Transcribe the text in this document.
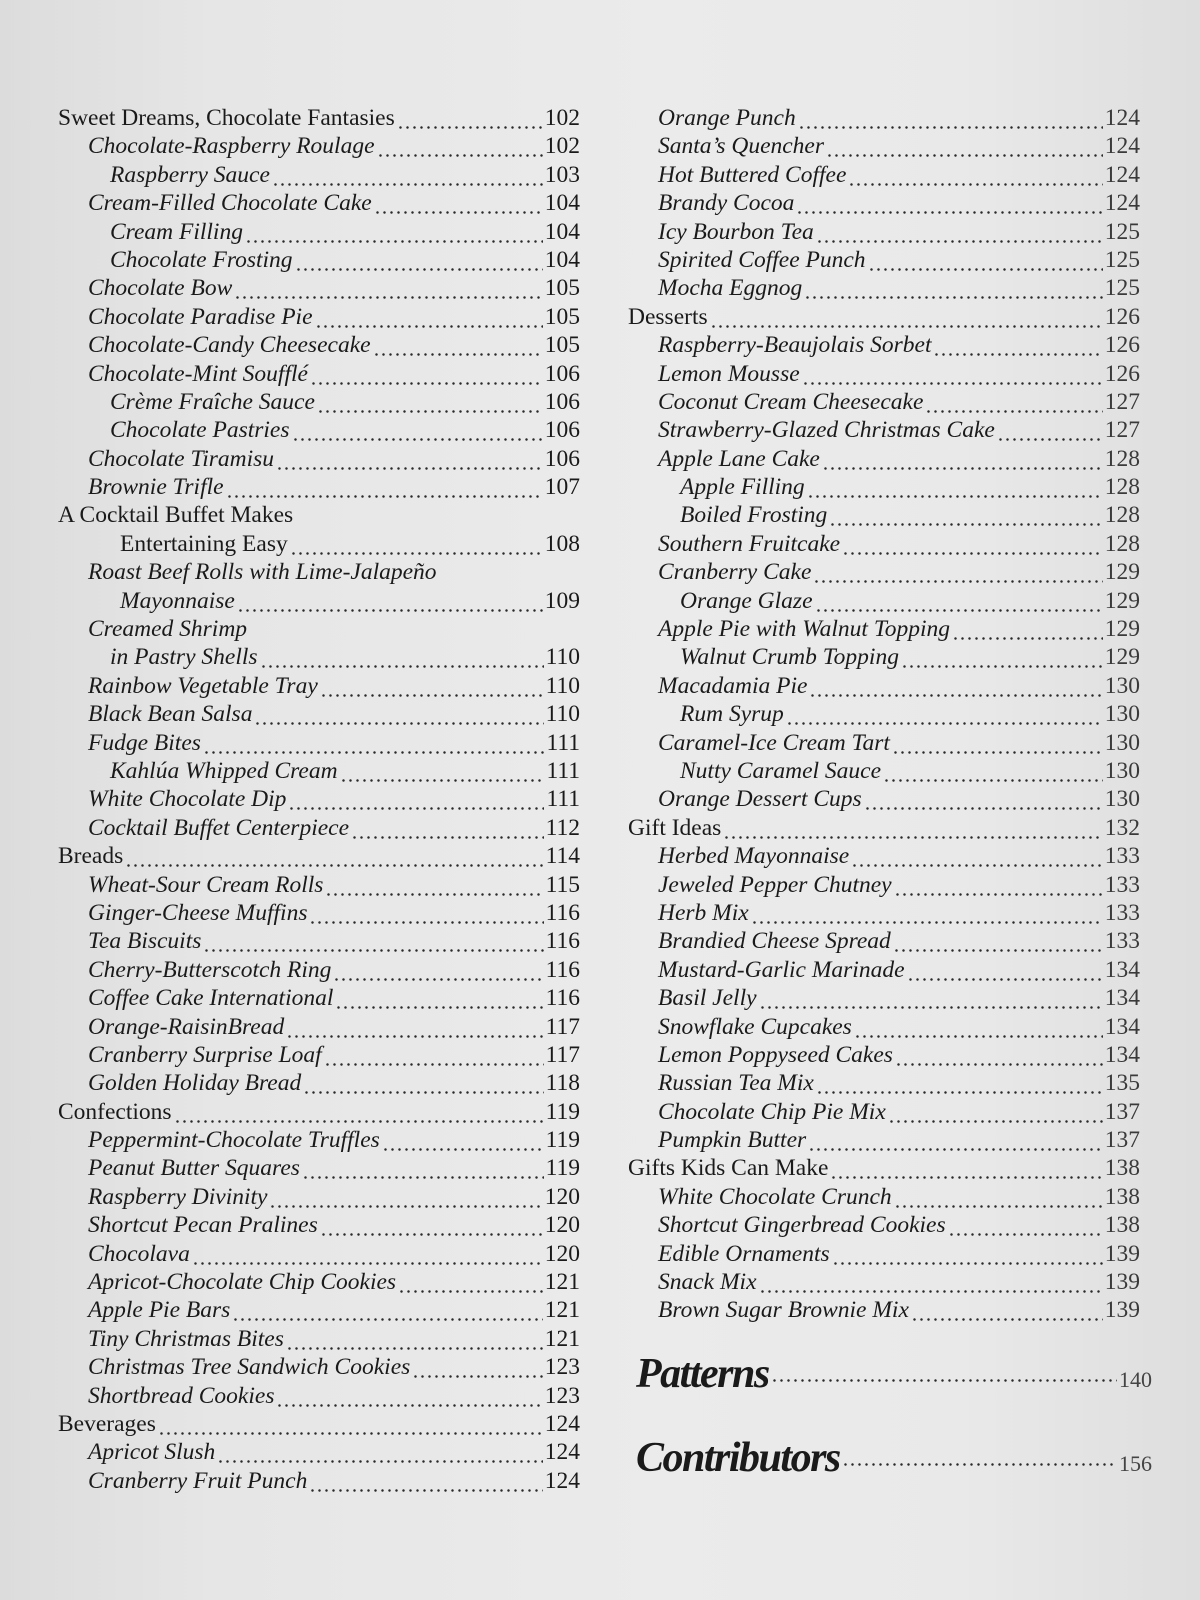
Sweet Dreams, Chocolate Fantasies	102
Chocolate-Raspberry Roulage	102
Raspberry Sauce	103
Cream-Filled Chocolate Cake	104
Cream Filling	104
Chocolate Frosting	104
Chocolate Bow	105
Chocolate Paradise Pie	105
Chocolate-Candy Cheesecake	105
Chocolate-Mint Soufflé	106
Crème Fraîche Sauce	106
Chocolate Pastries	106
Chocolate Tiramisu	106
Brownie Trifle	107
A Cocktail Buffet Makes
Entertaining Easy	108
Roast Beef Rolls with Lime-Jalapeño
Mayonnaise	109
Creamed Shrimp
in Pastry Shells	110
Rainbow Vegetable Tray	110
Black Bean Salsa	110
Fudge Bites	111
Kahlúa Whipped Cream	111
White Chocolate Dip	111
Cocktail Buffet Centerpiece	112
Breads	114
Wheat-Sour Cream Rolls	115
Ginger-Cheese Muffins	116
Tea Biscuits	116
Cherry-Butterscotch Ring	116
Coffee Cake International	116
Orange-RaisinBread	117
Cranberry Surprise Loaf	117
Golden Holiday Bread	118
Confections	119
Peppermint-Chocolate Truffles	119
Peanut Butter Squares	119
Raspberry Divinity	120
Shortcut Pecan Pralines	120
Chocolava	120
Apricot-Chocolate Chip Cookies	121
Apple Pie Bars	121
Tiny Christmas Bites	121
Christmas Tree Sandwich Cookies	123
Shortbread Cookies	123
Beverages	124
Apricot Slush	124
Cranberry Fruit Punch	124
Orange Punch	124
Santa’s Quencher	124
Hot Buttered Coffee	124
Brandy Cocoa	124
Icy Bourbon Tea	125
Spirited Coffee Punch	125
Mocha Eggnog	125
Desserts	126
Raspberry-Beaujolais Sorbet	126
Lemon Mousse	126
Coconut Cream Cheesecake	127
Strawberry-Glazed Christmas Cake	127
Apple Lane Cake	128
Apple Filling	128
Boiled Frosting	128
Southern Fruitcake	128
Cranberry Cake	129
Orange Glaze	129
Apple Pie with Walnut Topping	129
Walnut Crumb Topping	129
Macadamia Pie	130
Rum Syrup	130
Caramel-Ice Cream Tart	130
Nutty Caramel Sauce	130
Orange Dessert Cups	130
Gift Ideas	132
Herbed Mayonnaise	133
Jeweled Pepper Chutney	133
Herb Mix	133
Brandied Cheese Spread	133
Mustard-Garlic Marinade	134
Basil Jelly	134
Snowflake Cupcakes	134
Lemon Poppyseed Cakes	134
Russian Tea Mix	135
Chocolate Chip Pie Mix	137
Pumpkin Butter	137
Gifts Kids Can Make	138
White Chocolate Crunch	138
Shortcut Gingerbread Cookies	138
Edible Ornaments	139
Snack Mix	139
Brown Sugar Brownie Mix	139
Patterns	140
Contributors	156
